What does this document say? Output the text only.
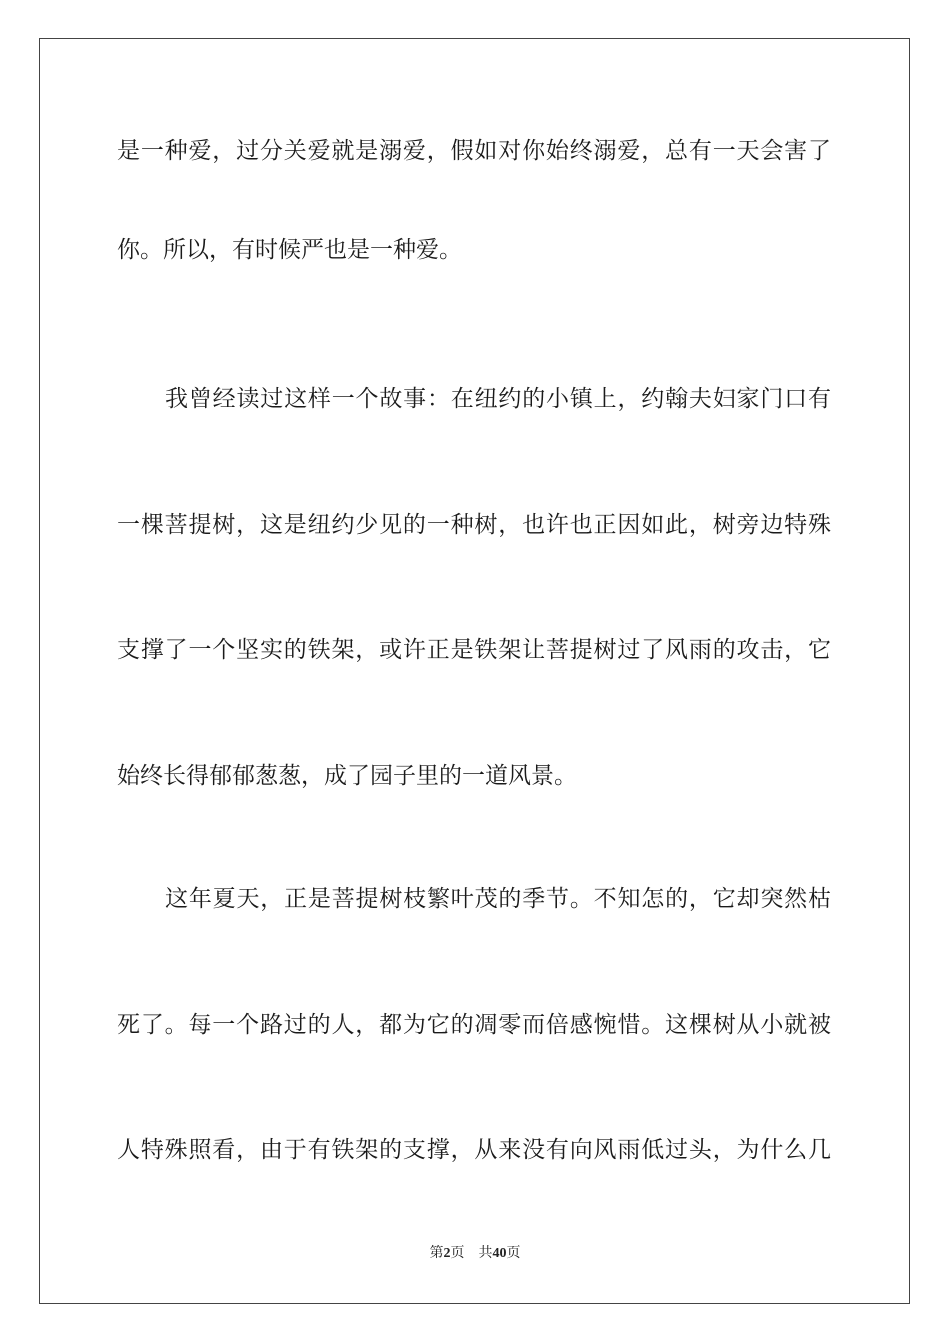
是一种爱，过分关爱就是溺爱，假如对你始终溺爱，总有一天会害了
你。所以，有时候严也是一种爱。
我曾经读过这样一个故事：在纽约的小镇上，约翰夫妇家门口有
一棵菩提树，这是纽约少见的一种树，也许也正因如此，树旁边特殊
支撑了一个坚实的铁架，或许正是铁架让菩提树过了风雨的攻击，它
始终长得郁郁葱葱，成了园子里的一道风景。
这年夏天，正是菩提树枝繁叶茂的季节。不知怎的，它却突然枯
死了。每一个路过的人，都为它的凋零而倍感惋惜。这棵树从小就被
人特殊照看，由于有铁架的支撑，从来没有向风雨低过头，为什么几
第2页 共40页
